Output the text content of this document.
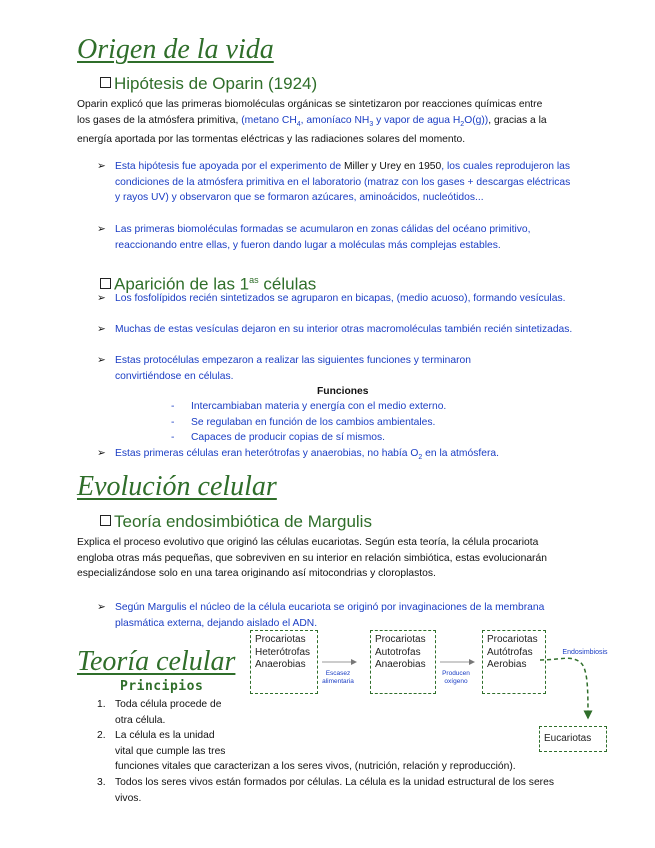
Origen de la vida
Hipótesis de Oparin (1924)
Oparin explicó que las primeras biomoléculas orgánicas se sintetizaron por reacciones químicas entre los gases de la atmósfera primitiva, (metano $CH_4$, amoníaco $NH_3$ y vapor de agua $H_2O(g)$), gracias a la energía aportada por las tormentas eléctricas y las radiaciones solares del momento.
➢ Esta hipótesis fue apoyada por el experimento de Miller y Urey en 1950, los cuales reprodujeron las condiciones de la atmósfera primitiva en el laboratorio (matraz con los gases + descargas eléctricas y rayos UV) y observaron que se formaron azúcares, aminoácidos, nucleótidos...
➢ Las primeras biomoléculas formadas se acumularon en zonas cálidas del océano primitivo, reaccionando entre ellas, y fueron dando lugar a moléculas más complejas estables.
Aparición de las $1^{as}$ células
➢ Los fosfolípidos recién sintetizados se agruparon en bicapas, (medio acuoso), formando vesículas.
➢ Muchas de estas vesículas dejaron en su interior otras macromoléculas también recién sintetizadas.
➢ Estas protocélulas empezaron a realizar las siguientes funciones y terminaron convirtiéndose en células.
Funciones
- Intercambiaban materia y energía con el medio externo.
- Se regulaban en función de los cambios ambientales.
- Capaces de producir copias de sí mismos.
➢ Estas primeras células eran heterótrofas y anaerobias, no había $O_2$ en la atmósfera.
Evolución celular
Teoría endosimbiótica de Margulis
Explica el proceso evolutivo que originó las células eucariotas. Según esta teoría, la célula procariota engloba otras más pequeñas, que sobreviven en su interior en relación simbiótica, estas evolucionarán especializándose solo en una tarea originando así mitocondrias y cloroplastos.
➢ Según Margulis el núcleo de la célula eucariota se originó por invaginaciones de la membrana plasmática externa, dejando aislado el ADN.
Procariotas
Heterótrofas
Anaerobias
Escasez
alimentaria
Procariotas
Autotrofas
Anaerobias
Producen
oxígeno
Procariotas
Autótrofas
Aerobias
Endosimbiosis
Eucariotas
Teoría celular
Principios
1. Toda célula procede de otra célula.
2. La célula es la unidad
vital que cumple las tres
funciones vitales que caracterizan a los seres vivos, (nutrición, relación y reproducción).
3. Todos los seres vivos están formados por células. La célula es la unidad estructural de los seres vivos.
